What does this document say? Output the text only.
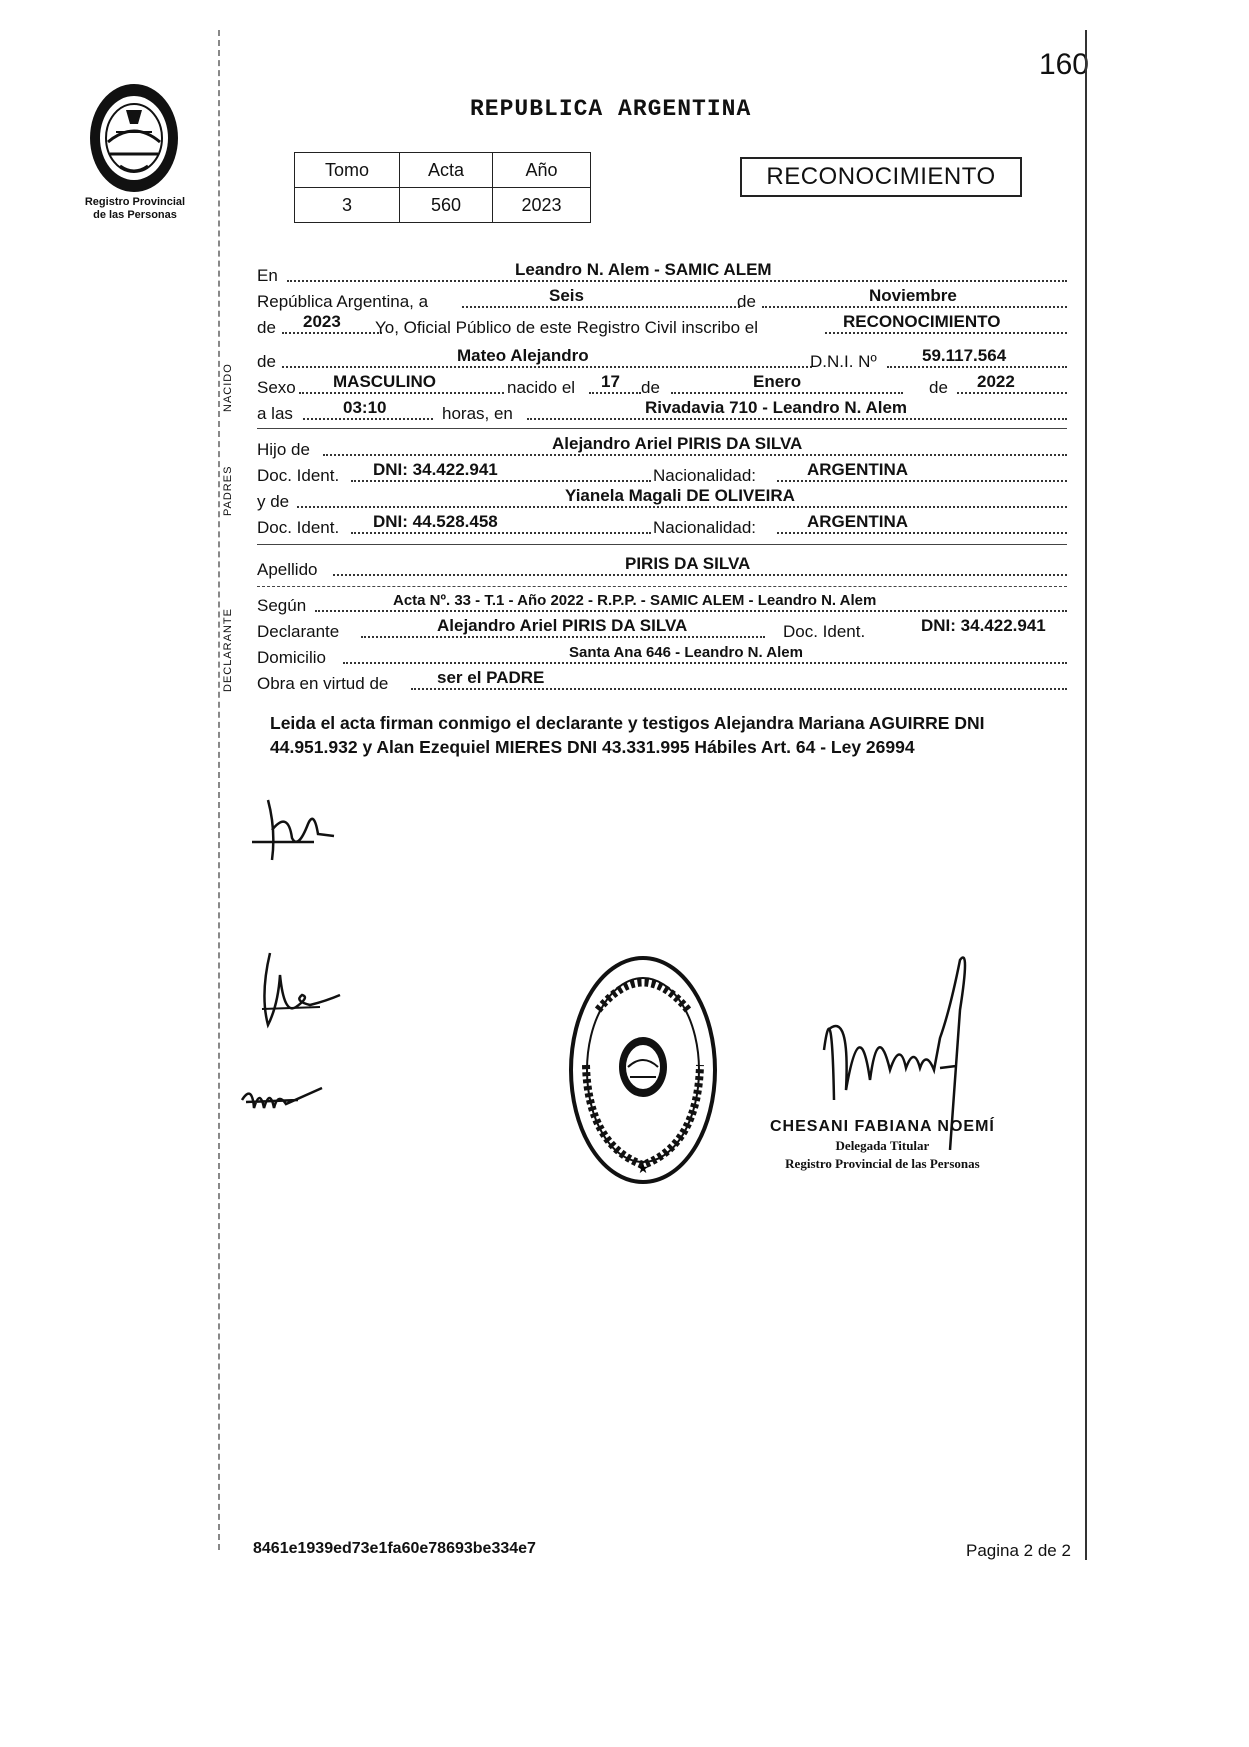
160
Registro Provincial
de las Personas
REPUBLICA ARGENTINA
Tomo	Acta	Año
3	560	2023
RECONOCIMIENTO
NACIDO
PADRES
DECLARANTE
En	Leandro N. Alem - SAMIC ALEM
República Argentina, a	Seis	de	Noviembre
de 2023 Yo, Oficial Público de este Registro Civil inscribo el	RECONOCIMIENTO
de	Mateo Alejandro	D.N.I. Nº	59.117.564
Sexo MASCULINO	nacido el 17 de	Enero	de 2022
a las	03:10	horas, en	Rivadavia 710 - Leandro N. Alem
Hijo de	Alejandro Ariel PIRIS DA SILVA
Doc. Ident. DNI: 34.422.941	Nacionalidad:	ARGENTINA
y de	Yianela Magali DE OLIVEIRA
Doc. Ident. DNI: 44.528.458	Nacionalidad:	ARGENTINA
Apellido	PIRIS DA SILVA
Según	Acta Nº. 33 - T.1 - Año 2022 - R.P.P. - SAMIC ALEM - Leandro N. Alem
Declarante	Alejandro Ariel PIRIS DA SILVA	Doc. Ident.	DNI: 34.422.941
Domicilio	Santa Ana 646 - Leandro N. Alem
Obra en virtud de	ser el PADRE
Leida el acta firman conmigo el declarante y testigos Alejandra Mariana AGUIRRE DNI 44.951.932 y Alan Ezequiel MIERES DNI 43.331.995 Hábiles Art. 64 - Ley 26994
★
CHESANI FABIANA NOEMÍ
Delegada Titular
Registro Provincial de las Personas
8461e1939ed73e1fa60e78693be334e7	Pagina 2 de 2
